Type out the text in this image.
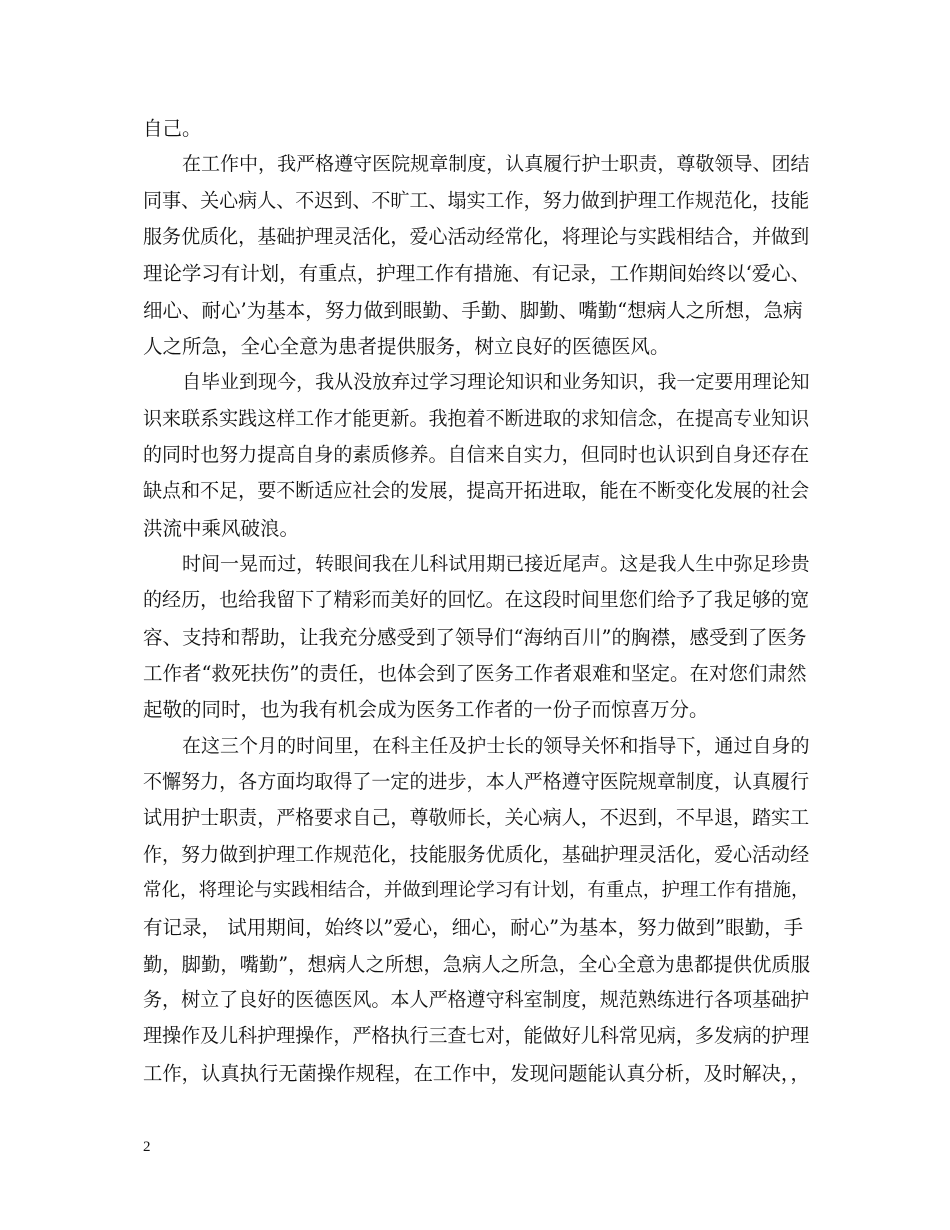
自己。
在工作中，我严格遵守医院规章制度，认真履行护士职责，尊敬领导、团结
同事、关心病人、不迟到、不旷工、塌实工作，努力做到护理工作规范化，技能
服务优质化，基础护理灵活化，爱心活动经常化，将理论与实践相结合，并做到
理论学习有计划，有重点，护理工作有措施、有记录，工作期间始终以‘爱心、
细心、耐心’为基本，努力做到眼勤、手勤、脚勤、嘴勤“想病人之所想，急病
人之所急，全心全意为患者提供服务，树立良好的医德医风。
自毕业到现今，我从没放弃过学习理论知识和业务知识，我一定要用理论知
识来联系实践这样工作才能更新。我抱着不断进取的求知信念，在提高专业知识
的同时也努力提高自身的素质修养。自信来自实力，但同时也认识到自身还存在
缺点和不足，要不断适应社会的发展，提高开拓进取，能在不断变化发展的社会
洪流中乘风破浪。
时间一晃而过，转眼间我在儿科试用期已接近尾声。这是我人生中弥足珍贵
的经历，也给我留下了精彩而美好的回忆。在这段时间里您们给予了我足够的宽
容、支持和帮助，让我充分感受到了领导们“海纳百川”的胸襟，感受到了医务
工作者“救死扶伤”的责任，也体会到了医务工作者艰难和坚定。在对您们肃然
起敬的同时，也为我有机会成为医务工作者的一份子而惊喜万分。
在这三个月的时间里，在科主任及护士长的领导关怀和指导下，通过自身的
不懈努力，各方面均取得了一定的进步，本人严格遵守医院规章制度，认真履行
试用护士职责，严格要求自己，尊敬师长，关心病人，不迟到，不早退，踏实工
作，努力做到护理工作规范化，技能服务优质化，基础护理灵活化，爱心活动经
常化，将理论与实践相结合，并做到理论学习有计划，有重点，护理工作有措施，
有记录， 试用期间，始终以”爱心，细心，耐心”为基本，努力做到”眼勤，手
勤，脚勤，嘴勤”，想病人之所想，急病人之所急，全心全意为患都提供优质服
务，树立了良好的医德医风。本人严格遵守科室制度，规范熟练进行各项基础护
理操作及儿科护理操作，严格执行三查七对，能做好儿科常见病，多发病的护理
工作，认真执行无菌操作规程，在工作中，发现问题能认真分析，及时解决，，
2
